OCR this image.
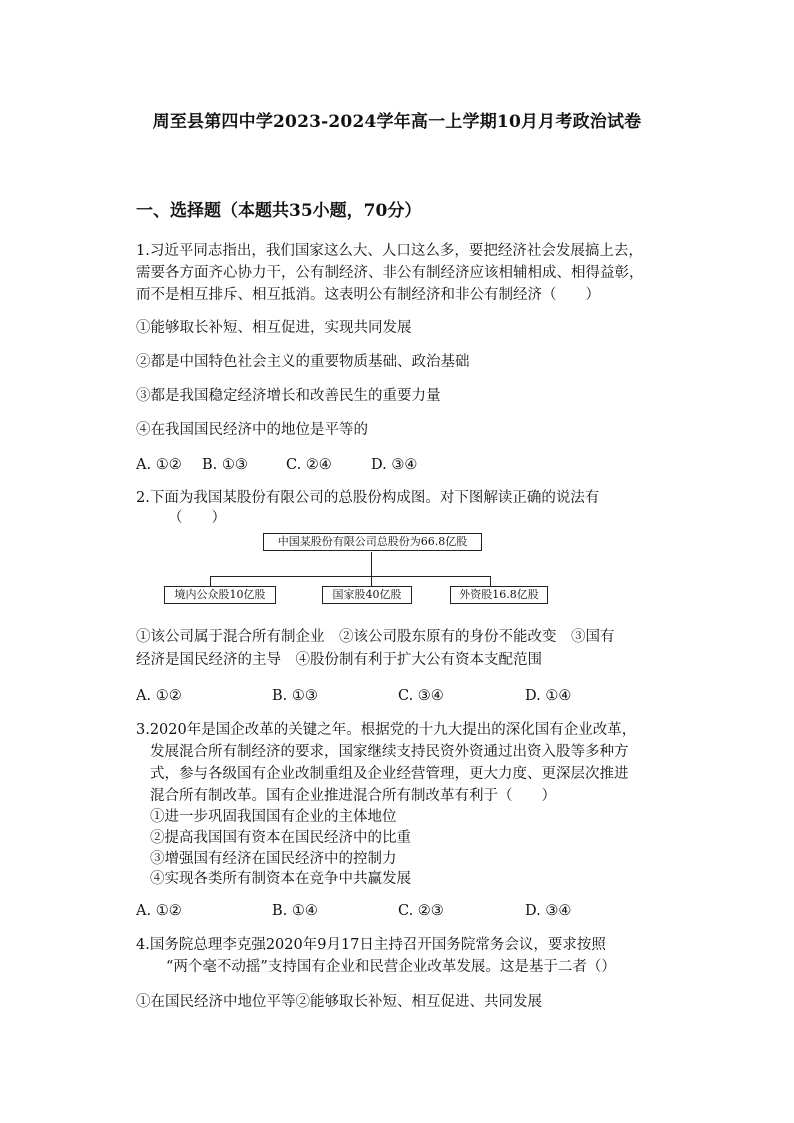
周至县第四中学2023-2024学年高一上学期10月月考政治试卷
一、选择题（本题共35小题，70分）
1.习近平同志指出，我们国家这么大、人口这么多，要把经济社会发展搞上去，
需要各方面齐心协力干，公有制经济、非公有制经济应该相辅相成、相得益彰，
而不是相互排斥、相互抵消。这表明公有制经济和非公有制经济（　　）
①能够取长补短、相互促进，实现共同发展
②都是中国特色社会主义的重要物质基础、政治基础
③都是我国稳定经济增长和改善民生的重要力量
④在我国国民经济中的地位是平等的
A. ①② B. ①③	C. ②④	D. ③④
2.下面为我国某股份有限公司的总股份构成图。对下图解读正确的说法有
（　　）
中国某股份有限公司总股份为66.8亿股
境内公众股10亿股	国家股40亿股	外资股16.8亿股
①该公司属于混合所有制企业　②该公司股东原有的身份不能改变　③国有
经济是国民经济的主导　④股份制有利于扩大公有资本支配范围
A. ①②	B. ①③	C. ③④	D. ①④
3.2020年是国企改革的关键之年。根据党的十九大提出的深化国有企业改革，
发展混合所有制经济的要求，国家继续支持民资外资通过出资入股等多种方
式，参与各级国有企业改制重组及企业经营管理，更大力度、更深层次推进
混合所有制改革。国有企业推进混合所有制改革有利于（　　）
①进一步巩固我国国有企业的主体地位
②提高我国国有资本在国民经济中的比重
③增强国有经济在国民经济中的控制力
④实现各类所有制资本在竞争中共赢发展
A. ①②	B. ①④	C. ②③	D. ③④
4.国务院总理李克强2020年9月17日主持召开国务院常务会议，要求按照
“两个毫不动摇”支持国有企业和民营企业改革发展。这是基于二者（）
①在国民经济中地位平等②能够取长补短、相互促进、共同发展
